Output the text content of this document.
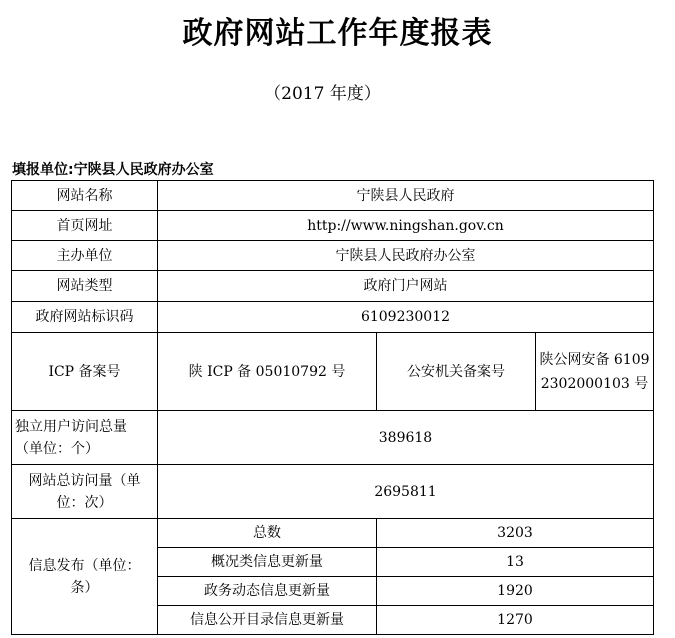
政府网站工作年度报表
（2017 年度）
填报单位:宁陕县人民政府办公室
网站名称	宁陕县人民政府		
首页网址	http://www.ningshan.gov.cn		
主办单位	宁陕县人民政府办公室		
网站类型	政府门户网站		
政府网站标识码	6109230012		
ICP 备案号	陕 ICP 备 05010792 号	公安机关备案号	陕公网安备 61092302000103 号
独立用户访问总量（单位：个）	389618		
网站总访问量（单位：次）	2695811		
信息发布（单位：条）	总数	3203	
	概况类信息更新量	13	
	政务动态信息更新量	1920	
	信息公开目录信息更新量	1270	
